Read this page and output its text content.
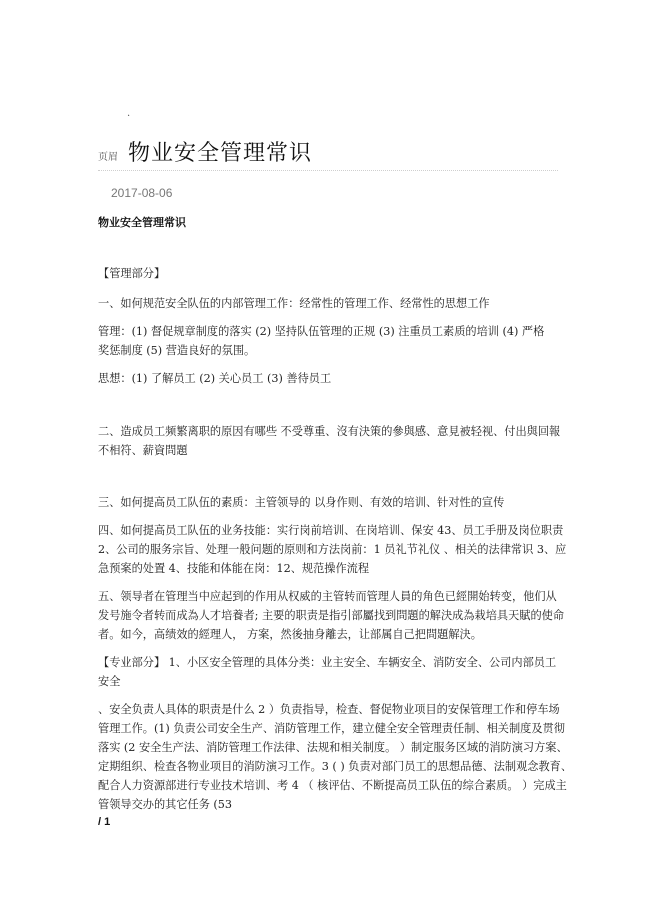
.
页眉 物业安全管理常识
2017-08-06
物业安全管理常识
【管理部分】
一、如何规范安全队伍的内部管理工作：经常性的管理工作、经常性的思想工作
管理：(1) 督促规章制度的落实 (2) 坚持队伍管理的正规 (3) 注重员工素质的培训 (4) 严格
奖惩制度 (5) 营造良好的氛围。
思想：(1) 了解员工 (2) 关心员工 (3) 善待员工
二、造成员工频繁离职的原因有哪些 不受尊重、沒有決策的參與感、意見被轻视、付出與回報
不相符、薪資問題
三、如何提高员工队伍的素质：主管领导的 以身作则、有效的培训、针对性的宣传
四、如何提高员工队伍的业务技能：实行岗前培训、在岗培训、保安 43、员工手册及岗位职责
2、公司的服务宗旨、处理一般问题的原则和方法岗前：1 员礼节礼仪 、相关的法律常识 3、应
急预案的处置 4、技能和体能在岗：12、规范操作流程
五、领导者在管理当中应起到的作用从权威的主管转而管理人員的角色已經開始转变，他们从
发号施令者转而成為人才培養者; 主要的职责是指引部屬找到問題的解決成為栽培具天賦的使命
者。如今，高绩效的經理人， 方案，然後抽身離去，让部属自己把問題解決。
【专业部分】 1、小区安全管理的具体分类：业主安全、车辆安全、消防安全、公司内部员工
安全
、安全负责人具体的职责是什么 2 ）负责指导，检查、督促物业项目的安保管理工作和停车场
管理工作。(1) 负责公司安全生产、消防管理工作，建立健全安全管理责任制、相关制度及贯彻
落实 (2 安全生产法、消防管理工作法律、法规和相关制度。 ）制定服务区域的消防演习方案、
定期组织、检查各物业项目的消防演习工作。3 ( ) 负责对部门员工的思想品德、法制观念教育、
配合人力资源部进行专业技术培训、考 4 （ 核评估、不断提高员工队伍的综合素质。 ）完成主
管领导交办的其它任务 (53
/ 1
